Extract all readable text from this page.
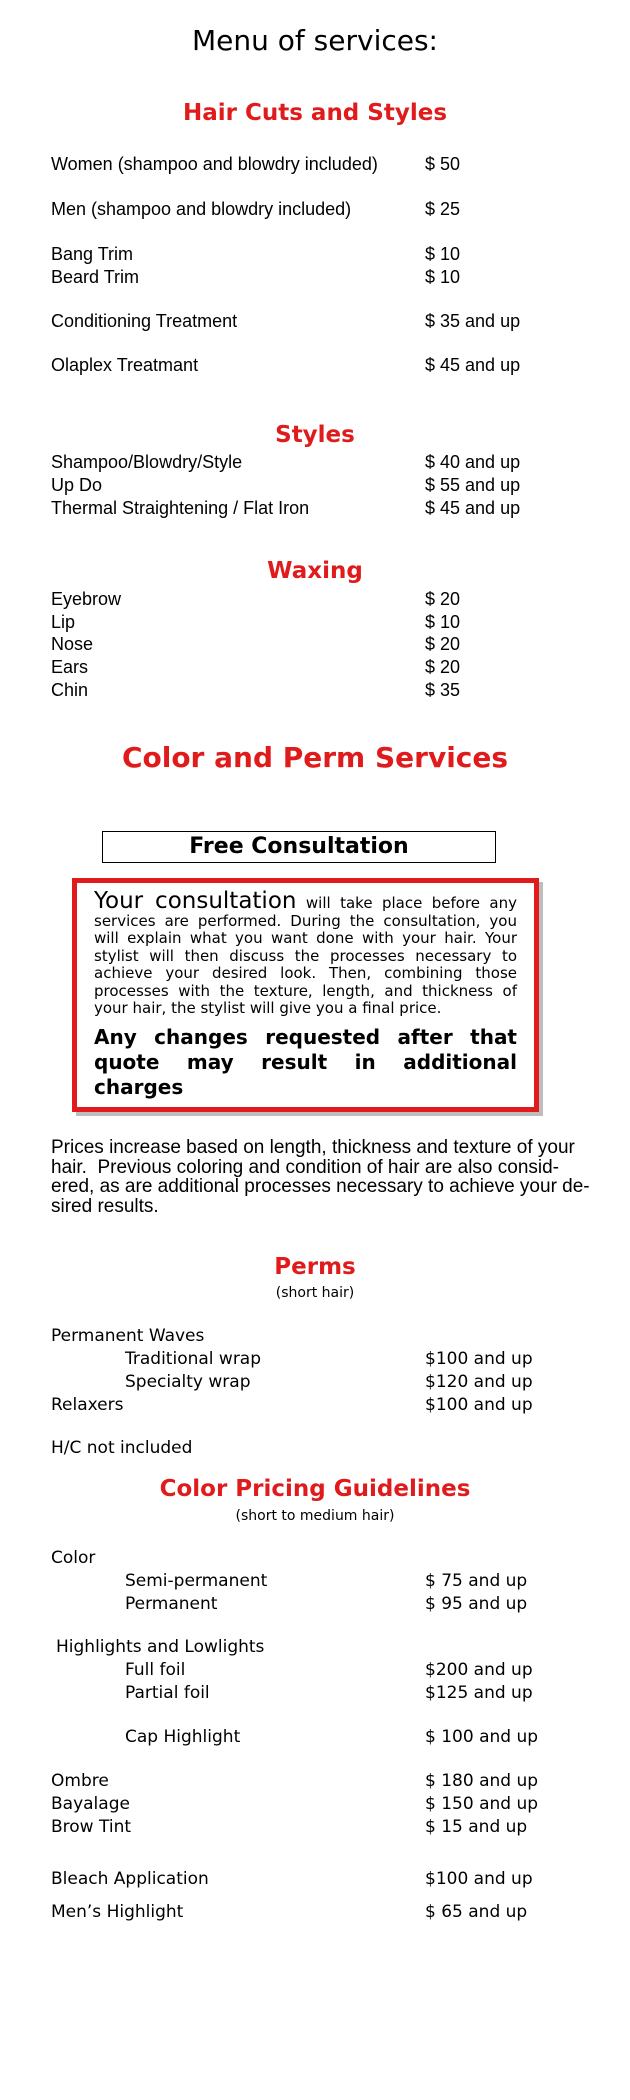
Menu of services:
Hair Cuts and Styles
Women (shampoo and blowdry included)	$ 50
Men (shampoo and blowdry included)	$ 25
Bang Trim	$ 10
Beard Trim	$ 10
Conditioning Treatment	$ 35 and up
Olaplex Treatmant	$ 45 and up
Styles
Shampoo/Blowdry/Style	$ 40 and up
Up Do	$ 55 and up
Thermal Straightening / Flat Iron	$ 45 and up
Waxing
Eyebrow	$ 20
Lip	$ 10
Nose	$ 20
Ears	$ 20
Chin	$ 35
Color and Perm Services
Free Consultation
Your consultation will take place before any services are performed. During the consultation, you will explain what you want done with your hair. Your stylist will then discuss the processes necessary to achieve your desired look. Then, combining those processes with the texture, length, and thickness of your hair, the stylist will give you a final price.
Any changes requested after that quote may result in additional charges
Prices increase based on length, thickness and texture of your
hair.  Previous coloring and condition of hair are also consid-
ered, as are additional processes necessary to achieve your de-
sired results.
Perms
(short hair)
Permanent Waves
Traditional wrap	$100 and up
Specialty wrap	$120 and up
Relaxers	$100 and up
H/C not included
Color Pricing Guidelines
(short to medium hair)
Color
Semi-permanent	$ 75 and up
Permanent	$ 95 and up
Highlights and Lowlights
Full foil	$200 and up
Partial foil	$125 and up
Cap Highlight	$ 100 and up
Ombre	$ 180 and up
Bayalage	$ 150 and up
Brow Tint	$ 15 and up
Bleach Application	$100 and up
Men’s Highlight	$ 65 and up
